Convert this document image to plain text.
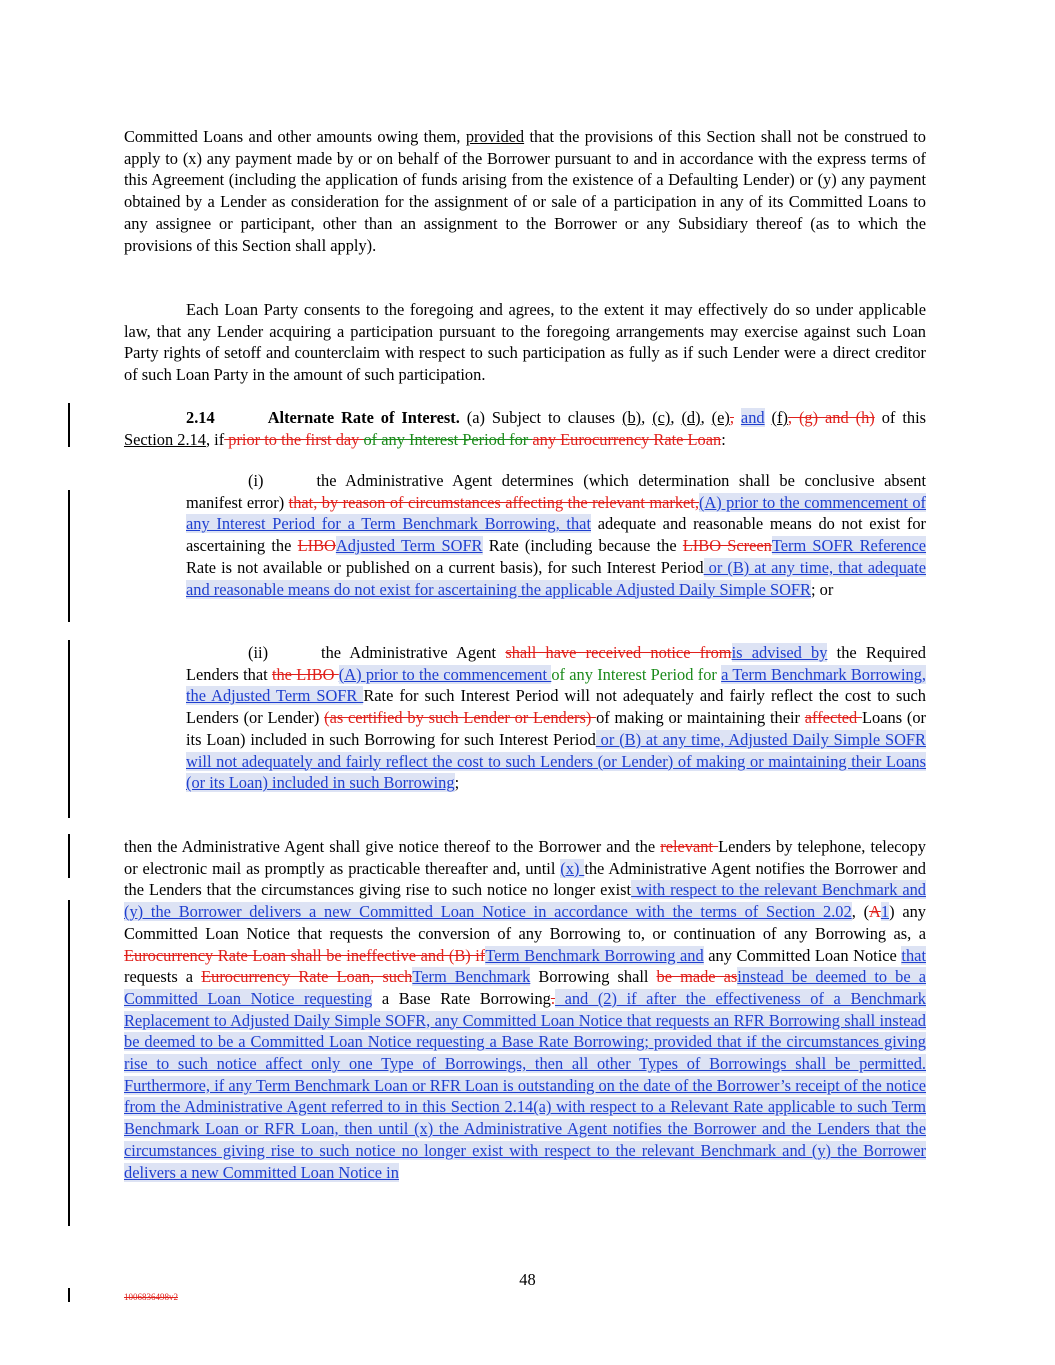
Committed Loans and other amounts owing them, provided that the provisions of this Section shall not be construed to apply to (x) any payment made by or on behalf of the Borrower pursuant to and in accordance with the express terms of this Agreement (including the application of funds arising from the existence of a Defaulting Lender) or (y) any payment obtained by a Lender as consideration for the assignment of or sale of a participation in any of its Committed Loans to any assignee or participant, other than an assignment to the Borrower or any Subsidiary thereof (as to which the provisions of this Section shall apply).

Each Loan Party consents to the foregoing and agrees, to the extent it may effectively do so under applicable law, that any Lender acquiring a participation pursuant to the foregoing arrangements may exercise against such Loan Party rights of setoff and counterclaim with respect to such participation as fully as if such Lender were a direct creditor of such Loan Party in the amount of such participation.

2.14	Alternate Rate of Interest. (a) Subject to clauses (b), (c), (d), (e), and (f), (g) and (h) of this Section 2.14, if prior to the first day of any Interest Period for any Eurocurrency Rate Loan:

(i)	the Administrative Agent determines (which determination shall be conclusive absent manifest error) that, by reason of circumstances affecting the relevant market,(A) prior to the commencement of any Interest Period for a Term Benchmark Borrowing, that adequate and reasonable means do not exist for ascertaining the LIBOAdjusted Term SOFR Rate (including because the LIBO ScreenTerm SOFR Reference Rate is not available or published on a current basis), for such Interest Period or (B) at any time, that adequate and reasonable means do not exist for ascertaining the applicable Adjusted Daily Simple SOFR; or

(ii)	the Administrative Agent shall have received notice fromis advised by the Required Lenders that the LIBO (A) prior to the commencement of any Interest Period for a Term Benchmark Borrowing, the Adjusted Term SOFR Rate for such Interest Period will not adequately and fairly reflect the cost to such Lenders (or Lender) (as certified by such Lender or Lenders) of making or maintaining their affected Loans (or its Loan) included in such Borrowing for such Interest Period or (B) at any time, Adjusted Daily Simple SOFR will not adequately and fairly reflect the cost to such Lenders (or Lender) of making or maintaining their Loans (or its Loan) included in such Borrowing;

then the Administrative Agent shall give notice thereof to the Borrower and the relevant Lenders by telephone, telecopy or electronic mail as promptly as practicable thereafter and, until (x) the Administrative Agent notifies the Borrower and the Lenders that the circumstances giving rise to such notice no longer exist with respect to the relevant Benchmark and (y) the Borrower delivers a new Committed Loan Notice in accordance with the terms of Section 2.02, (A1) any Committed Loan Notice that requests the conversion of any Borrowing to, or continuation of any Borrowing as, a Eurocurrency Rate Loan shall be ineffective and (B) ifTerm Benchmark Borrowing and any Committed Loan Notice that requests a Eurocurrency Rate Loan, suchTerm Benchmark Borrowing shall be made asinstead be deemed to be a Committed Loan Notice requesting a Base Rate Borrowing. and (2) if after the effectiveness of a Benchmark Replacement to Adjusted Daily Simple SOFR, any Committed Loan Notice that requests an RFR Borrowing shall instead be deemed to be a Committed Loan Notice requesting a Base Rate Borrowing; provided that if the circumstances giving rise to such notice affect only one Type of Borrowings, then all other Types of Borrowings shall be permitted. Furthermore, if any Term Benchmark Loan or RFR Loan is outstanding on the date of the Borrower’s receipt of the notice from the Administrative Agent referred to in this Section 2.14(a) with respect to a Relevant Rate applicable to such Term Benchmark Loan or RFR Loan, then until (x) the Administrative Agent notifies the Borrower and the Lenders that the circumstances giving rise to such notice no longer exist with respect to the relevant Benchmark and (y) the Borrower delivers a new Committed Loan Notice in

48
1006836498v2
